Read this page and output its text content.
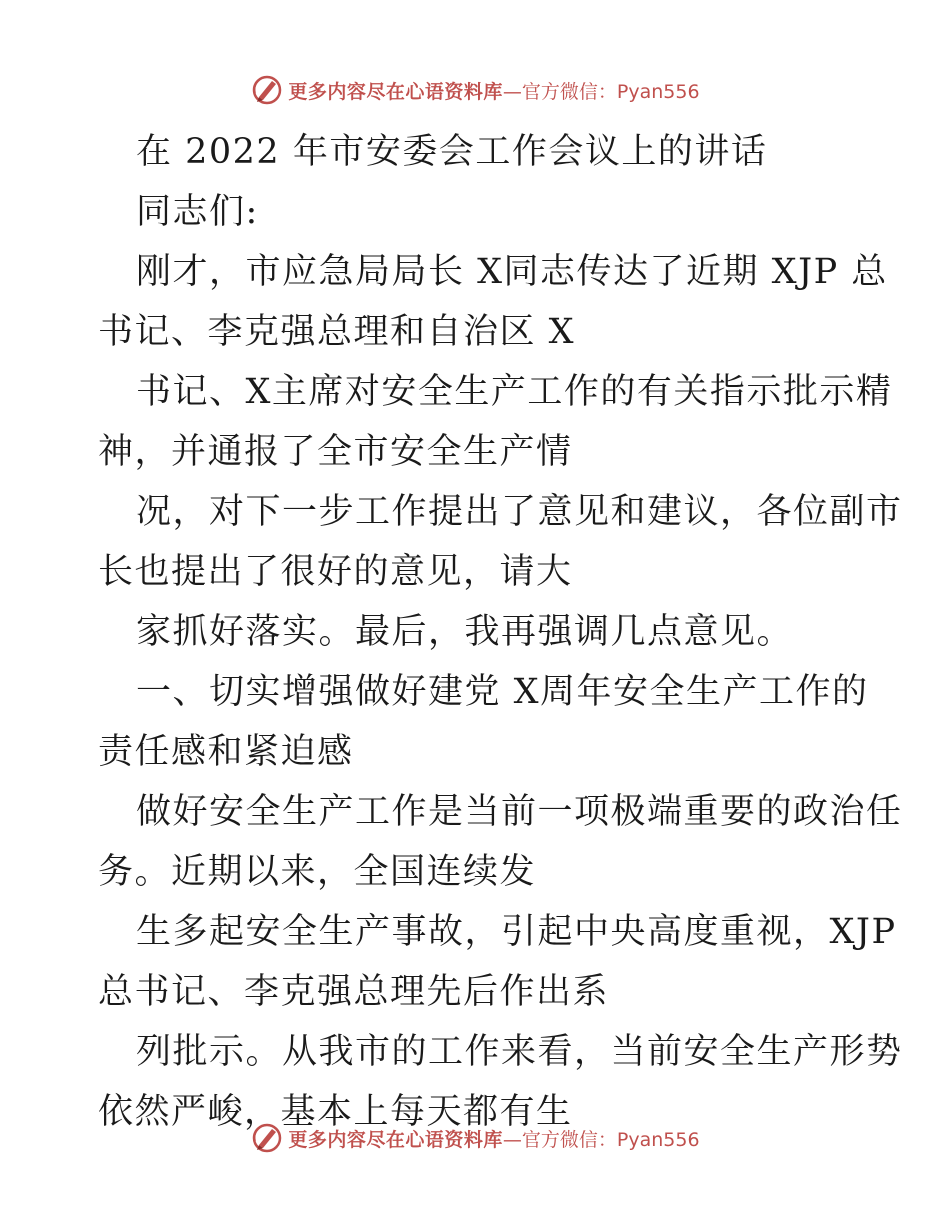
更多内容尽在心语资料库 —官方微信：Pyan556
在 2022 年市安委会工作会议上的讲话
同志们:
刚才，市应急局局长 X同志传达了近期 XJP 总
书记、李克强总理和自治区 X
书记、X主席对安全生产工作的有关指示批示精
神，并通报了全市安全生产情
况，对下一步工作提出了意见和建议，各位副市
长也提出了很好的意见，请大
家抓好落实。最后，我再强调几点意见。
一、切实增强做好建党 X周年安全生产工作的
责任感和紧迫感
做好安全生产工作是当前一项极端重要的政治任
务。近期以来，全国连续发
生多起安全生产事故，引起中央高度重视，XJP
总书记、李克强总理先后作出系
列批示。从我市的工作来看，当前安全生产形势
依然严峻，基本上每天都有生
更多内容尽在心语资料库 —官方微信：Pyan556
